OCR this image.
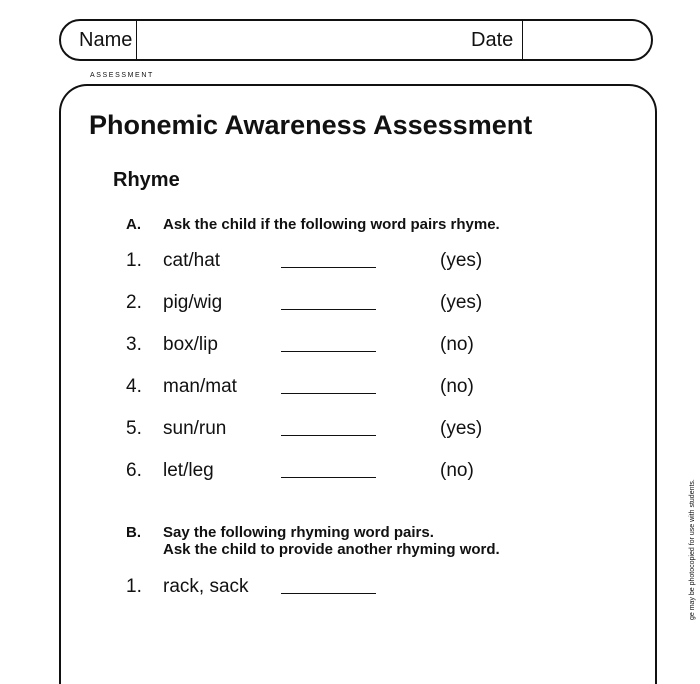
Name	Date
ASSESSMENT
Phonemic Awareness Assessment
Rhyme
A. Ask the child if the following word pairs rhyme.
1. cat/hat	(yes)
2. pig/wig	(yes)
3. box/lip	(no)
4. man/mat	(no)
5. sun/run	(yes)
6. let/leg	(no)
B. Say the following rhyming word pairs.
Ask the child to provide another rhyming word.
1. rack, sack	ge may be photocopied for use with students.
